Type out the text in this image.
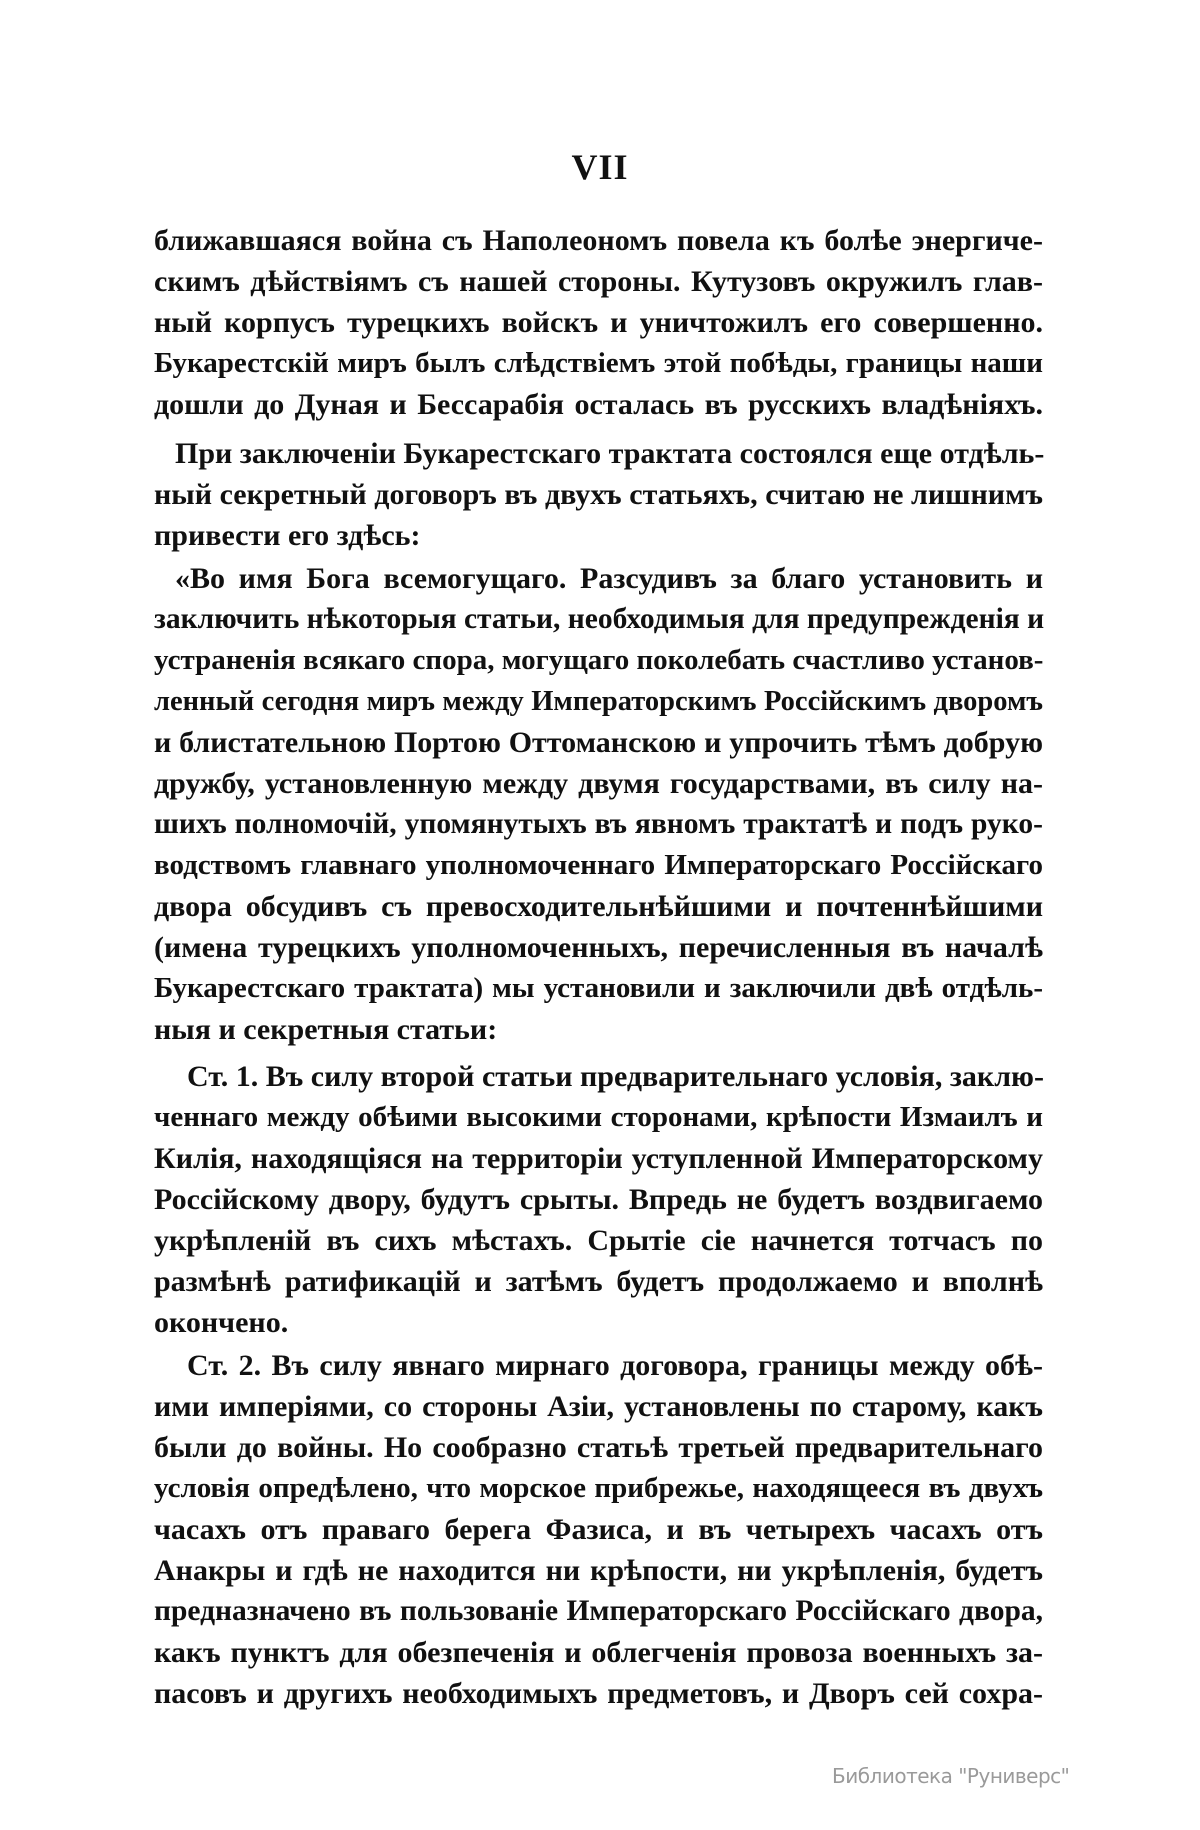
VII
ближавшаяся война съ Наполеономъ повела къ болѣе энергиче-
скимъ дѣйствіямъ съ нашей стороны. Кутузовъ окружилъ глав-
ный корпусъ турецкихъ войскъ и уничтожилъ его совершенно.
Букарестскій миръ былъ слѣдствіемъ этой побѣды, границы наши
дошли до Дуная и Бессарабія осталась въ русскихъ владѣніяхъ.
При заключеніи Букарестскаго трактата состоялся еще отдѣль-
ный секретный договоръ въ двухъ статьяхъ, считаю не лишнимъ
привести его здѣсь:
«Во имя Бога всемогущаго. Разсудивъ за благо установить и
заключить нѣкоторыя статьи, необходимыя для предупрежденія и
устраненія всякаго спора, могущаго поколебать счастливо установ-
ленный сегодня миръ между Императорскимъ Россійскимъ дворомъ
и блистательною Портою Оттоманскою и упрочить тѣмъ добрую
дружбу, установленную между двумя государствами, въ силу на-
шихъ полномочій, упомянутыхъ въ явномъ трактатѣ и подъ руко-
водствомъ главнаго уполномоченнаго Императорскаго Россійскаго
двора обсудивъ съ превосходительнѣйшими и почтеннѣйшими
(имена турецкихъ уполномоченныхъ, перечисленныя въ началѣ
Букарестскаго трактата) мы установили и заключили двѣ отдѣль-
ныя и секретныя статьи:
Ст. 1. Въ силу второй статьи предварительнаго условія, заклю-
ченнаго между обѣими высокими сторонами, крѣпости Измаилъ и
Килія, находящіяся на территоріи уступленной Императорскому
Россійскому двору, будутъ срыты. Впредь не будетъ воздвигаемо
укрѣпленій въ сихъ мѣстахъ. Срытіе сіе начнется тотчасъ по
размѣнѣ ратификацій и затѣмъ будетъ продолжаемо и вполнѣ
окончено.
Ст. 2. Въ силу явнаго мирнаго договора, границы между обѣ-
ими имперіями, со стороны Азіи, установлены по старому, какъ
были до войны. Но сообразно статьѣ третьей предварительнаго
условія опредѣлено, что морское прибрежье, находящееся въ двухъ
часахъ отъ праваго берега Фазиса, и въ четырехъ часахъ отъ
Анакры и гдѣ не находится ни крѣпости, ни укрѣпленія, будетъ
предназначено въ пользованіе Императорскаго Россійскаго двора,
какъ пунктъ для обезпеченія и облегченія провоза военныхъ за-
пасовъ и другихъ необходимыхъ предметовъ, и Дворъ сей сохра-
Библиотека "Руниверс"
